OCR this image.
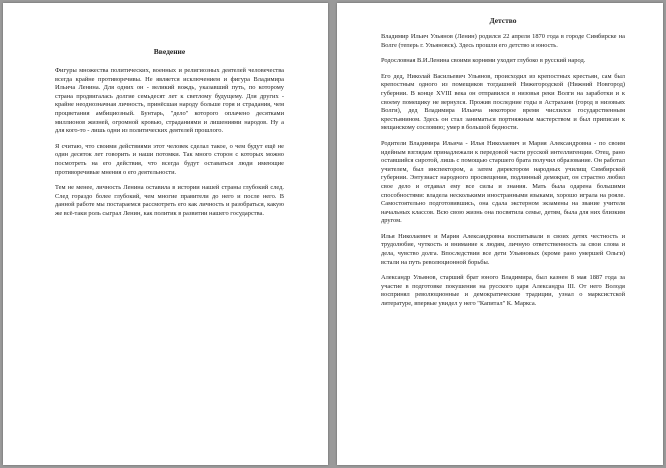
Введение

Фигуры множества политических, военных и религиозных деятелей человечества всегда крайне противоречивы. Не является исключением и фигура Владимира Ильича Ленина. Для одних он - великий вождь, указавший путь, по которому страна продвигалась долгие семьдесят лет к светлому будущему. Для других - крайне неоднозначная личность, принёсшая народу больше горя и страдания, чем процветания амбициозный. Бунтарь, "дело" которого оплачено десятками миллионов жизней, огромной кровью, страданиями и лишениями народов. Ну а для кого-то - лишь одни из политических деятелей прошлого.

Я считаю, что своими действиями этот человек сделал такое, о чем будут ещё не один десяток лет говорить и наши потомки. Так много сторон с которых можно посмотреть на его действия, что всегда будут оставаться люди имеющие противоречивые мнения о его деятельности.

Тем не менее, личность Ленина оставила в истории нашей страны глубокий след. След гораздо более глубокий, чем многие правители до него и после него. В данной работе мы постараемся рассмотреть его как личность и разобраться, какую же всё-таки роль сыграл Ленин, как политик в развитии нашего государства.

Детство

Владимир Ильич Ульянов (Ленин) родился 22 апреля 1870 года в городе Симбирске на Волге (теперь г. Ульяновск). Здесь прошли его детство и юность.

Родословная В.И.Ленина своими корнями уходит глубоко в русский народ.

Его дед, Николай Васильевич Ульянов, происходил из крепостных крестьян, сам был крепостным одного из помещиков тогдашней Нижегородской (Нижний Новгород) губернии. В конце XVIII века он отправился в низовья реки Волги на заработки и к своему помещику не вернулся. Прожив последние годы в Астрахани (город в низовьях Волги), дед Владимира Ильича некоторое время числился государственным крестьянином. Здесь он стал заниматься портняжным мастерством и был приписан к мещанскому сословию; умер в большой бедности.

Родители Владимира Ильича - Илья Николаевич и Мария Александровна - по своим идейным взглядам принадлежали к передовой части русской интеллигенции. Отец, рано оставшийся сиротой, лишь с помощью старшего брата получил образование. Он работал учителем, был инспектором, а затем директором народных училищ Симбирской губернии. Энтузиаст народного просвещения, подлинный демократ, он страстно любил свое дело и отдавал ему все силы и знания. Мать была одарена большими способностями: владела несколькими иностранными языками, хорошо играла на рояле. Самостоятельно подготовившись, она сдала экстерном экзамены на звание учителя начальных классов. Всю свою жизнь она посвятила семье, детям, была для них близким другом.

Илья Николаевич и Мария Александровна воспитывали в своих детях честность и трудолюбие, чуткость и внимание к людям, личную ответственность за свои слова и дела, чувство долга. Впоследствии все дети Ульяновых (кроме рано умершей Ольги) встали на путь революционной борьбы.

Александр Ульянов, старший брат юного Владимира, был казнен 8 мая 1887 года за участие в подготовке покушения на русского царя Александра III. От него Володя воспринял революционные и демократические традиции, узнал о марксистской литературе, впервые увидел у него "Капитал" К. Маркса.
